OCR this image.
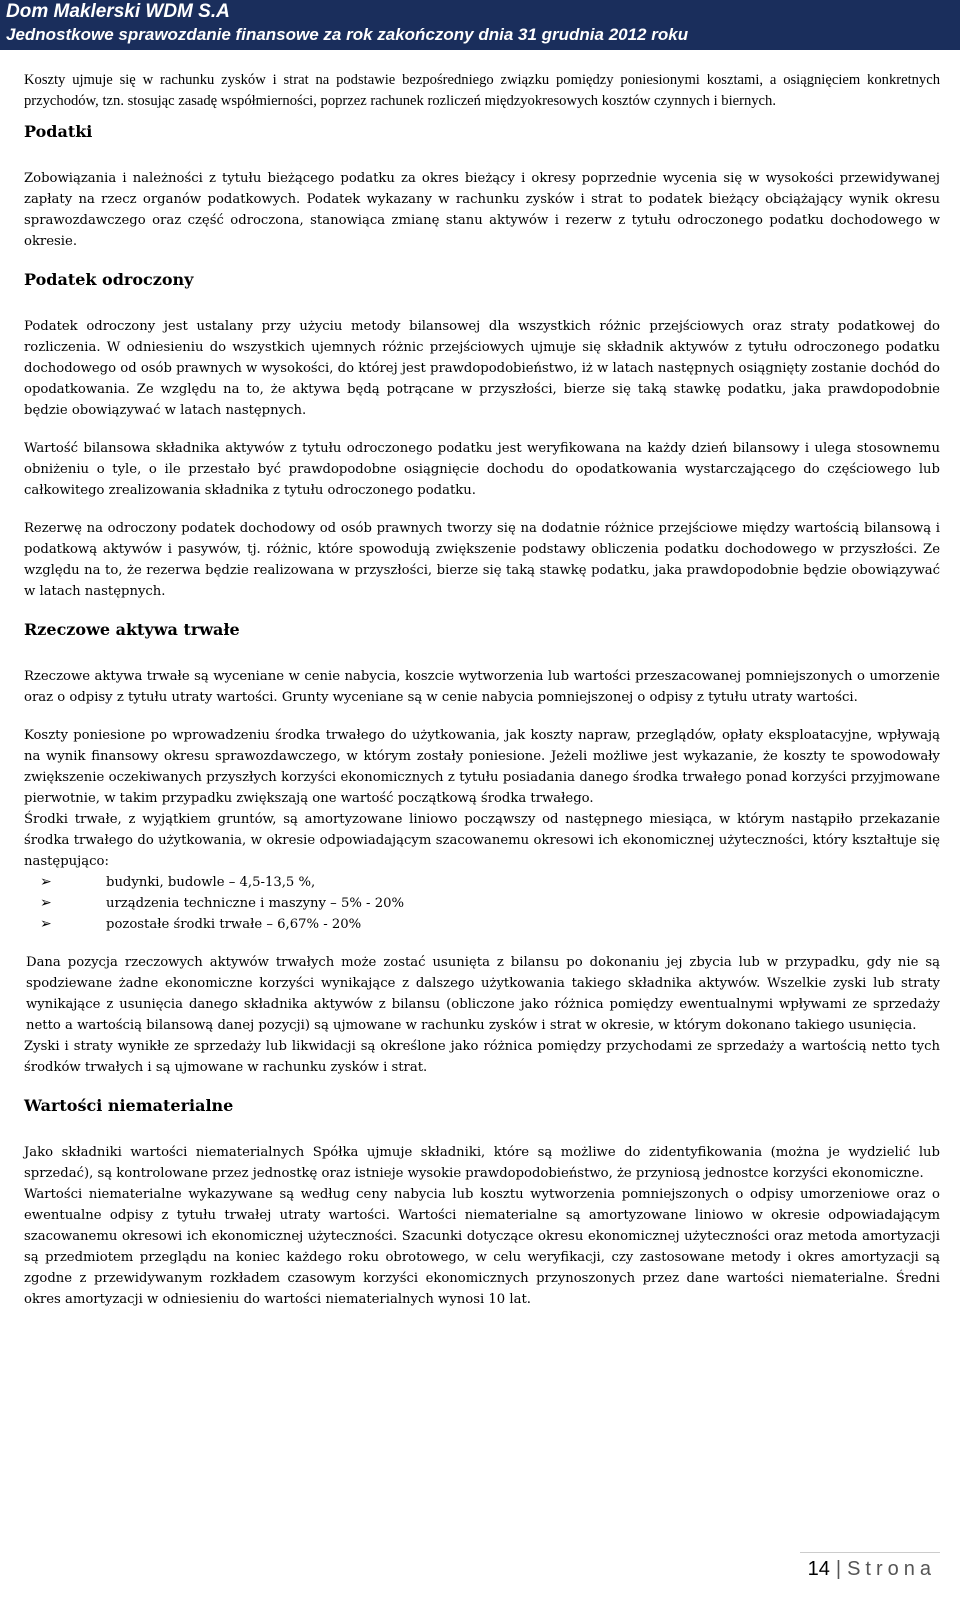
Dom Maklerski WDM S.A
Jednostkowe sprawozdanie finansowe za rok zakończony dnia 31 grudnia 2012 roku

Koszty ujmuje się w rachunku zysków i strat na podstawie bezpośredniego związku pomiędzy poniesionymi kosztami, a osiągnięciem konkretnych przychodów, tzn. stosując zasadę współmierności, poprzez rachunek rozliczeń międzyokresowych kosztów czynnych i biernych.

Podatki

Zobowiązania i należności z tytułu bieżącego podatku za okres bieżący i okresy poprzednie wycenia się w wysokości przewidywanej zapłaty na rzecz organów podatkowych. Podatek wykazany w rachunku zysków i strat to podatek bieżący obciążający wynik okresu sprawozdawczego oraz część odroczona, stanowiąca zmianę stanu aktywów i rezerw z tytułu odroczonego podatku dochodowego w okresie.

Podatek odroczony

Podatek odroczony jest ustalany przy użyciu metody bilansowej dla wszystkich różnic przejściowych oraz straty podatkowej do rozliczenia. W odniesieniu do wszystkich ujemnych różnic przejściowych ujmuje się składnik aktywów z tytułu odroczonego podatku dochodowego od osób prawnych w wysokości, do której jest prawdopodobieństwo, iż w latach następnych osiągnięty zostanie dochód do opodatkowania. Ze względu na to, że aktywa będą potrącane w przyszłości, bierze się taką stawkę podatku, jaka prawdopodobnie będzie obowiązywać w latach następnych.

Wartość bilansowa składnika aktywów z tytułu odroczonego podatku jest weryfikowana na każdy dzień bilansowy i ulega stosownemu obniżeniu o tyle, o ile przestało być prawdopodobne osiągnięcie dochodu do opodatkowania wystarczającego do częściowego lub całkowitego zrealizowania składnika z tytułu odroczonego podatku.

Rezerwę na odroczony podatek dochodowy od osób prawnych tworzy się na dodatnie różnice przejściowe między wartością bilansową i podatkową aktywów i pasywów, tj. różnic, które spowodują zwiększenie podstawy obliczenia podatku dochodowego w przyszłości. Ze względu na to, że rezerwa będzie realizowana w przyszłości, bierze się taką stawkę podatku, jaka prawdopodobnie będzie obowiązywać w latach następnych.

Rzeczowe aktywa trwałe

Rzeczowe aktywa trwałe są wyceniane w cenie nabycia, koszcie wytworzenia lub wartości przeszacowanej pomniejszonych o umorzenie oraz o odpisy z tytułu utraty wartości. Grunty wyceniane są w cenie nabycia pomniejszonej o odpisy z tytułu utraty wartości.

Koszty poniesione po wprowadzeniu środka trwałego do użytkowania, jak koszty napraw, przeglądów, opłaty eksploatacyjne, wpływają na wynik finansowy okresu sprawozdawczego, w którym zostały poniesione. Jeżeli możliwe jest wykazanie, że koszty te spowodowały zwiększenie oczekiwanych przyszłych korzyści ekonomicznych z tytułu posiadania danego środka trwałego ponad korzyści przyjmowane pierwotnie, w takim przypadku zwiększają one wartość początkową środka trwałego.

Środki trwałe, z wyjątkiem gruntów, są amortyzowane liniowo począwszy od następnego miesiąca, w którym nastąpiło przekazanie środka trwałego do użytkowania, w okresie odpowiadającym szacowanemu okresowi ich ekonomicznej użyteczności, który kształtuje się następująco:

➢	budynki, budowle – 4,5-13,5 %,
➢	urządzenia techniczne i maszyny – 5% - 20%
➢	pozostałe środki trwałe – 6,67% - 20%

Dana pozycja rzeczowych aktywów trwałych może zostać usunięta z bilansu po dokonaniu jej zbycia lub w przypadku, gdy nie są spodziewane żadne ekonomiczne korzyści wynikające z dalszego użytkowania takiego składnika aktywów. Wszelkie zyski lub straty wynikające z usunięcia danego składnika aktywów z bilansu (obliczone jako różnica pomiędzy ewentualnymi wpływami ze sprzedaży netto a wartością bilansową danej pozycji) są ujmowane w rachunku zysków i strat w okresie, w którym dokonano takiego usunięcia.

Zyski i straty wynikłe ze sprzedaży lub likwidacji są określone jako różnica pomiędzy przychodami ze sprzedaży a wartością netto tych środków trwałych i są ujmowane w rachunku zysków i strat.

Wartości niematerialne

Jako składniki wartości niematerialnych Spółka ujmuje składniki, które są możliwe do zidentyfikowania (można je wydzielić lub sprzedać), są kontrolowane przez jednostkę oraz istnieje wysokie prawdopodobieństwo, że przyniosą jednostce korzyści ekonomiczne.

Wartości niematerialne wykazywane są według ceny nabycia lub kosztu wytworzenia pomniejszonych o odpisy umorzeniowe oraz o ewentualne odpisy z tytułu trwałej utraty wartości. Wartości niematerialne są amortyzowane liniowo w okresie odpowiadającym szacowanemu okresowi ich ekonomicznej użyteczności. Szacunki dotyczące okresu ekonomicznej użyteczności oraz metoda amortyzacji są przedmiotem przeglądu na koniec każdego roku obrotowego, w celu weryfikacji, czy zastosowane metody i okres amortyzacji są zgodne z przewidywanym rozkładem czasowym korzyści ekonomicznych przynoszonych przez dane wartości niematerialne. Średni okres amortyzacji w odniesieniu do wartości niematerialnych wynosi 10 lat.

14 | Strona
